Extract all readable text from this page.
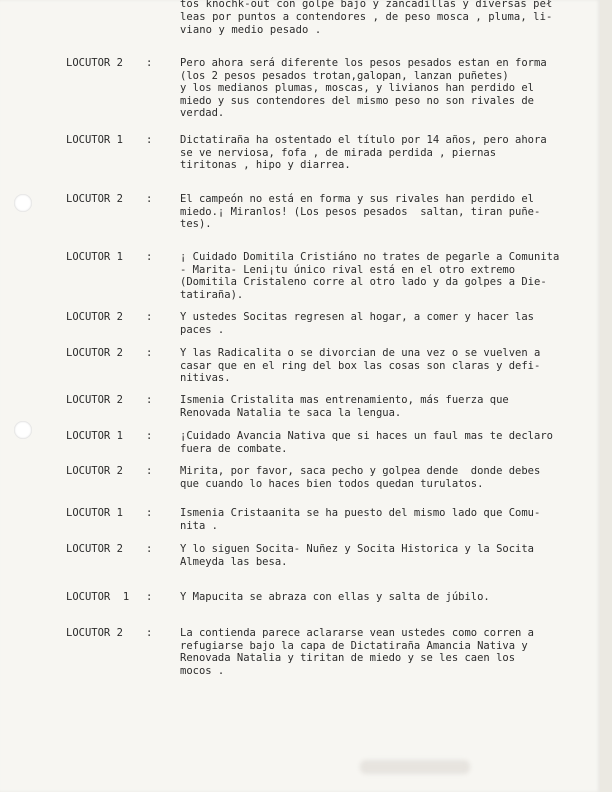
tos knochk-out con golpe bajo y zancadillas y diversas peł

leas por puntos a contendores , de peso mosca , pluma, li-

viano y medio pesado .

LOCUTOR 2 :	Pero ahora será diferente los pesos pesados estan en forma
(los 2 pesos pesados trotan,galopan, lanzan puñetes)
y los medianos plumas, moscas, y livianos han perdido el
miedo y sus contendores del mismo peso no son rivales de
verdad.

LOCUTOR 1 :	Dictatiraña ha ostentado el título por 14 años, pero ahora
se ve nerviosa, fofa , de mirada perdida , piernas
tiritonas , hipo y diarrea.

LOCUTOR 2 :	El campeón no está en forma y sus rivales han perdido el
miedo.¡ Miranlos! (Los pesos pesados  saltan, tiran puñe-
tes).

LOCUTOR 1 :	¡ Cuidado Domitila Cristiáno no trates de pegarle a Comunita
- Marita- Leni¡tu único rival está en el otro extremo
(Domitila Cristaleno corre al otro lado y da golpes a Die-
tatiraña).

LOCUTOR 2 :	Y ustedes Socitas regresen al hogar, a comer y hacer las
paces .

LOCUTOR 2 :	Y las Radicalita o se divorcian de una vez o se vuelven a
casar que en el ring del box las cosas son claras y defi-
nitivas.

LOCUTOR 2 :	Ismenia Cristalita mas entrenamiento, más fuerza que
Renovada Natalia te saca la lengua.

LOCUTOR 1 :	¡Cuidado Avancia Nativa que si haces un faul mas te declaro
fuera de combate.

LOCUTOR 2 :	Mirita, por favor, saca pecho y golpea dende  donde debes
que cuando lo haces bien todos quedan turulatos.

LOCUTOR 1 :	Ismenia Cristaanita se ha puesto del mismo lado que Comu-
nita .

LOCUTOR 2 :	Y lo siguen Socita- Nuñez y Socita Historica y la Socita
Almeyda las besa.

LOCUTOR  1 :	Y Mapucita se abraza con ellas y salta de júbilo.

LOCUTOR 2 :	La contienda parece aclararse vean ustedes como corren a
refugiarse bajo la capa de Dictatiraña Amancia Nativa y
Renovada Natalia y tiritan de miedo y se les caen los
mocos .
